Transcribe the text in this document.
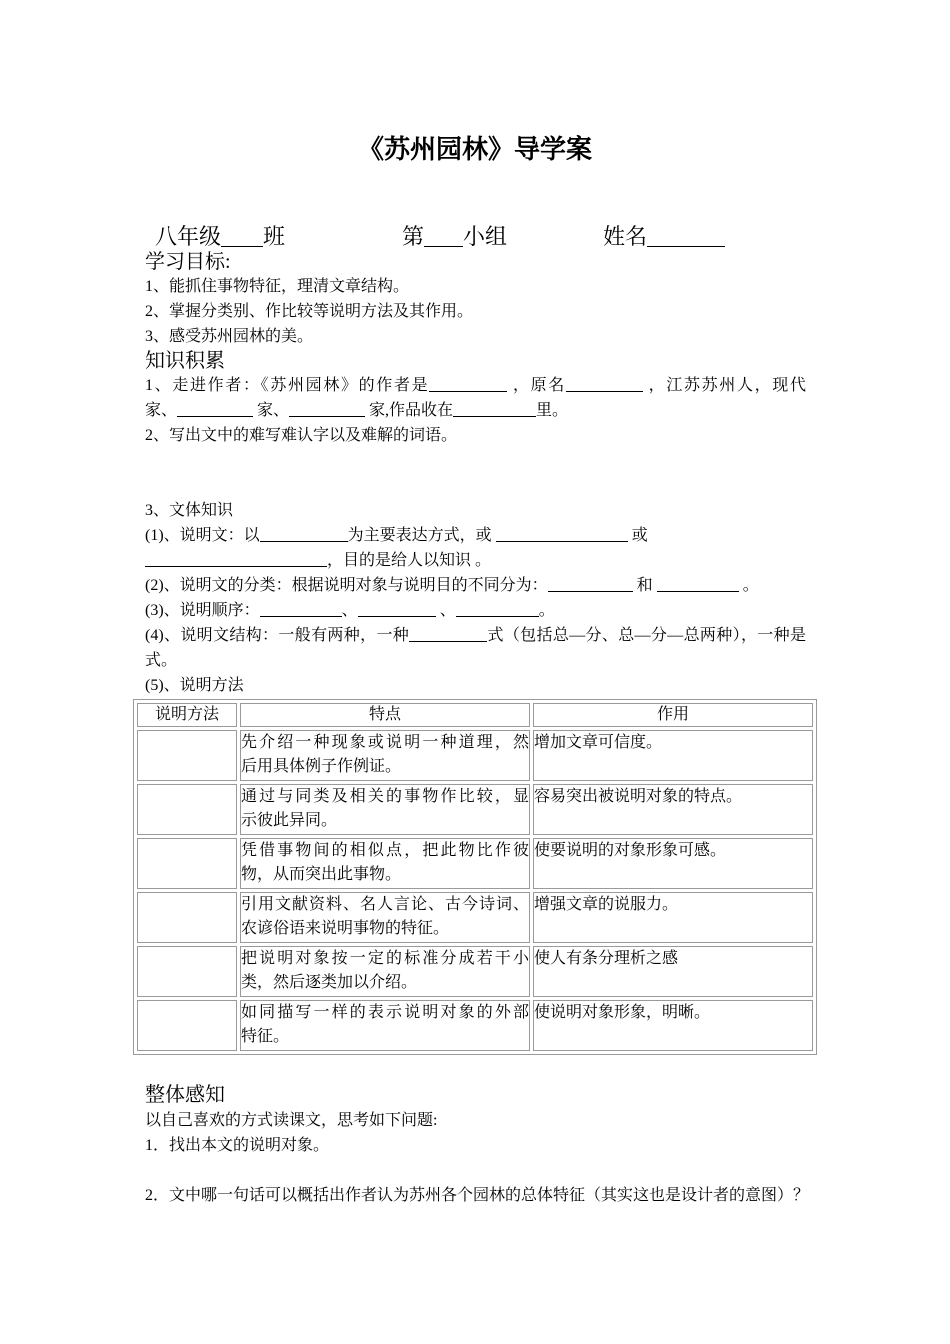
《苏州园林》导学案
八年级 班	第 小组	姓名
学习目标:
1、能抓住事物特征，理清文章结构。
2、掌握分类别、作比较等说明方法及其作用。
3、感受苏州园林的美。
知识积累
1、走进作者：《苏州园林》的作者是	，原名	，江苏苏州人，现代
家、	家、	家,作品收在	里。
2、写出文中的难写难认字以及难解的词语。
3、文体知识
(1)、说明文：以	为主要表达方式，或	或
，目的是给人以知识 。
(2)、说明文的分类：根据说明对象与说明目的不同分为：	和	。
(3)、说明顺序：	、	、	。
(4)、说明文结构：一般有两种，一种	式（包括总—分、总—分—总两种），一种是
式。
(5)、说明方法
说明方法	特点	作用

	先介绍一种现象或说明一种道理，然
后用具体例子作例证。	增加文章可信度。

	通过与同类及相关的事物作比较，显
示彼此异同。	容易突出被说明对象的特点。

	凭借事物间的相似点，把此物比作彼
物，从而突出此事物。	使要说明的对象形象可感。

	引用文献资料、名人言论、古今诗词、
农谚俗语来说明事物的特征。	增强文章的说服力。

	把说明对象按一定的标准分成若干小
类，然后逐类加以介绍。	使人有条分理析之感

	如同描写一样的表示说明对象的外部
特征。	使说明对象形象，明晰。
整体感知
以自己喜欢的方式读课文，思考如下问题:
1．找出本文的说明对象。
2．文中哪一句话可以概括出作者认为苏州各个园林的总体特征（其实这也是设计者的意图）？
